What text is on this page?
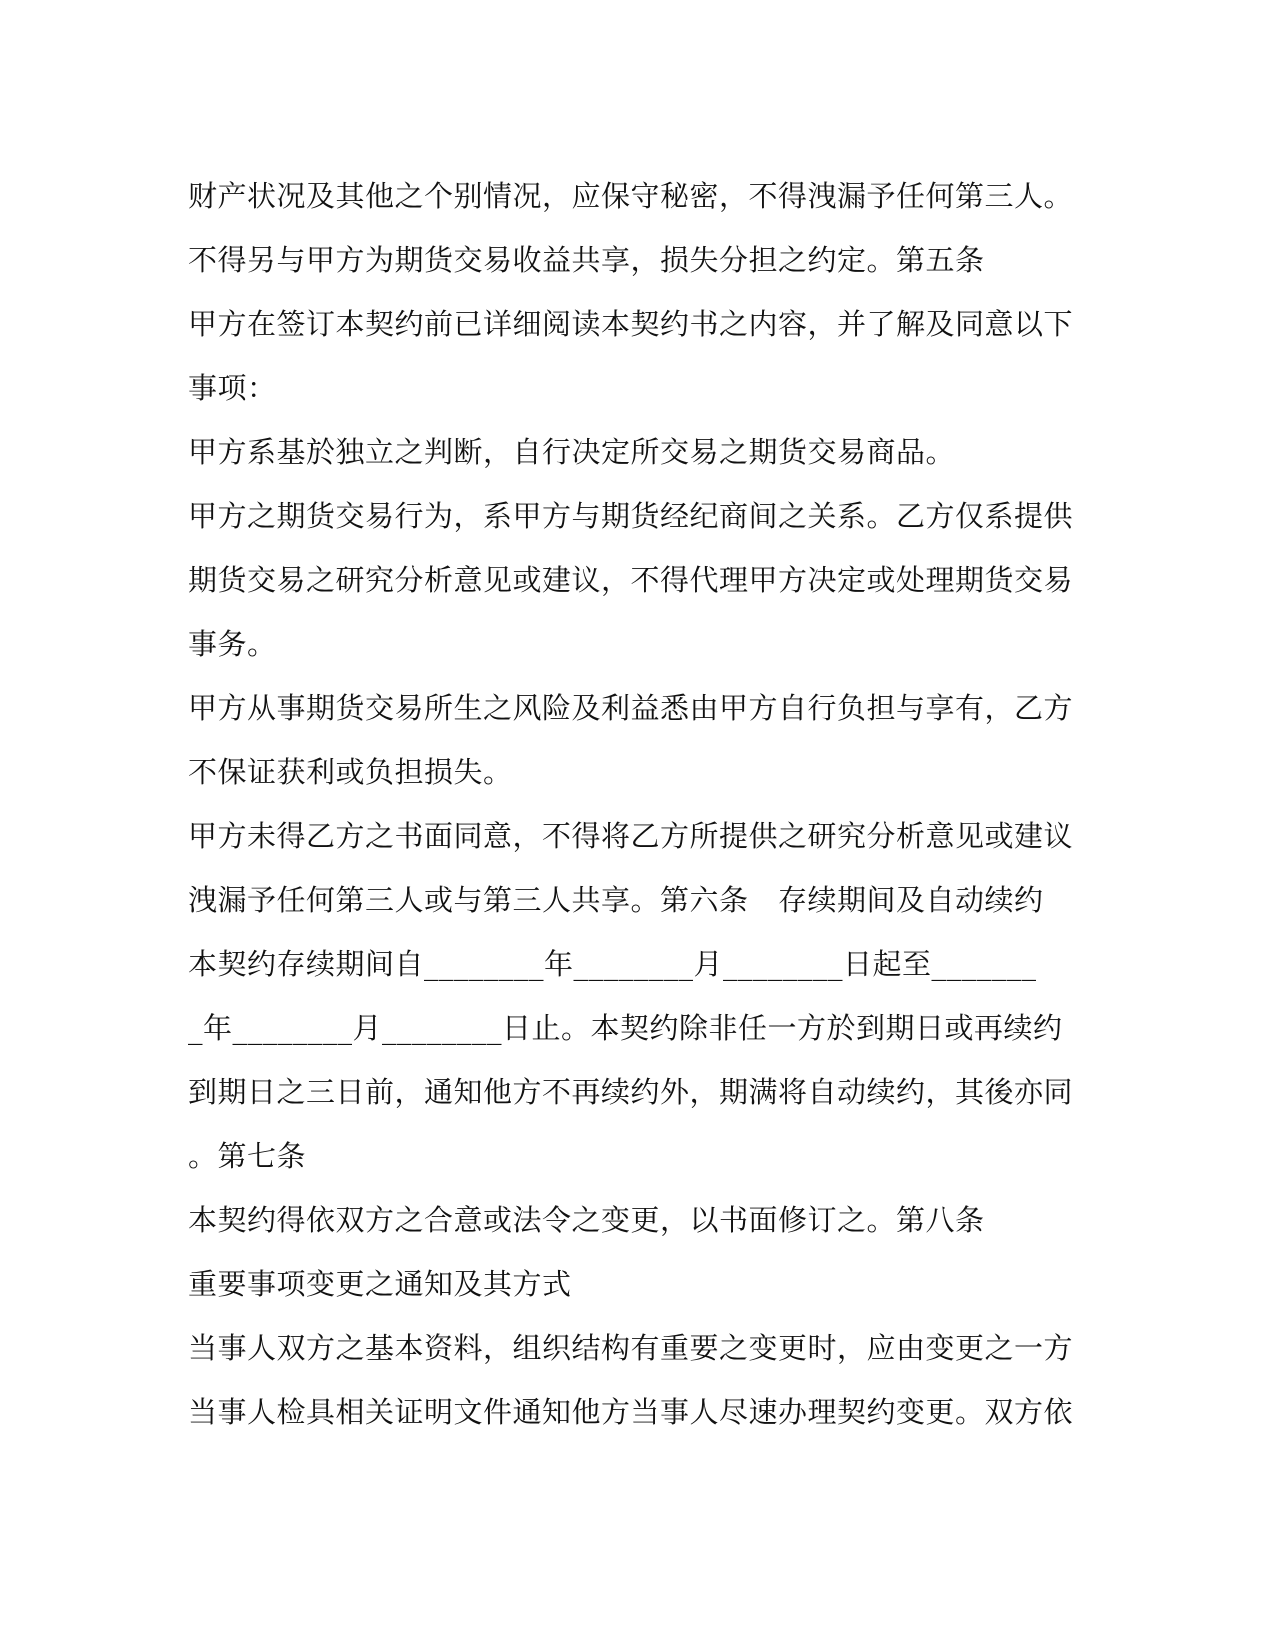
财产状况及其他之个别情况，应保守秘密，不得洩漏予任何第三人。
不得另与甲方为期货交易收益共享，损失分担之约定。第五条
甲方在签订本契约前已详细阅读本契约书之内容，并了解及同意以下
事项：
甲方系基於独立之判断，自行决定所交易之期货交易商品。
甲方之期货交易行为，系甲方与期货经纪商间之关系。乙方仅系提供
期货交易之研究分析意见或建议，不得代理甲方决定或处理期货交易
事务。
甲方从事期货交易所生之风险及利益悉由甲方自行负担与享有，乙方
不保证获利或负担损失。
甲方未得乙方之书面同意，不得将乙方所提供之研究分析意见或建议
洩漏予任何第三人或与第三人共享。第六条　存续期间及自动续约
本契约存续期间自________年________月________日起至_______
_年________月________日止。本契约除非任一方於到期日或再续约
到期日之三日前，通知他方不再续约外，期满将自动续约，其後亦同
。第七条
本契约得依双方之合意或法令之变更，以书面修订之。第八条
重要事项变更之通知及其方式
当事人双方之基本资料，组织结构有重要之变更时，应由变更之一方
当事人检具相关证明文件通知他方当事人尽速办理契约变更。双方依
